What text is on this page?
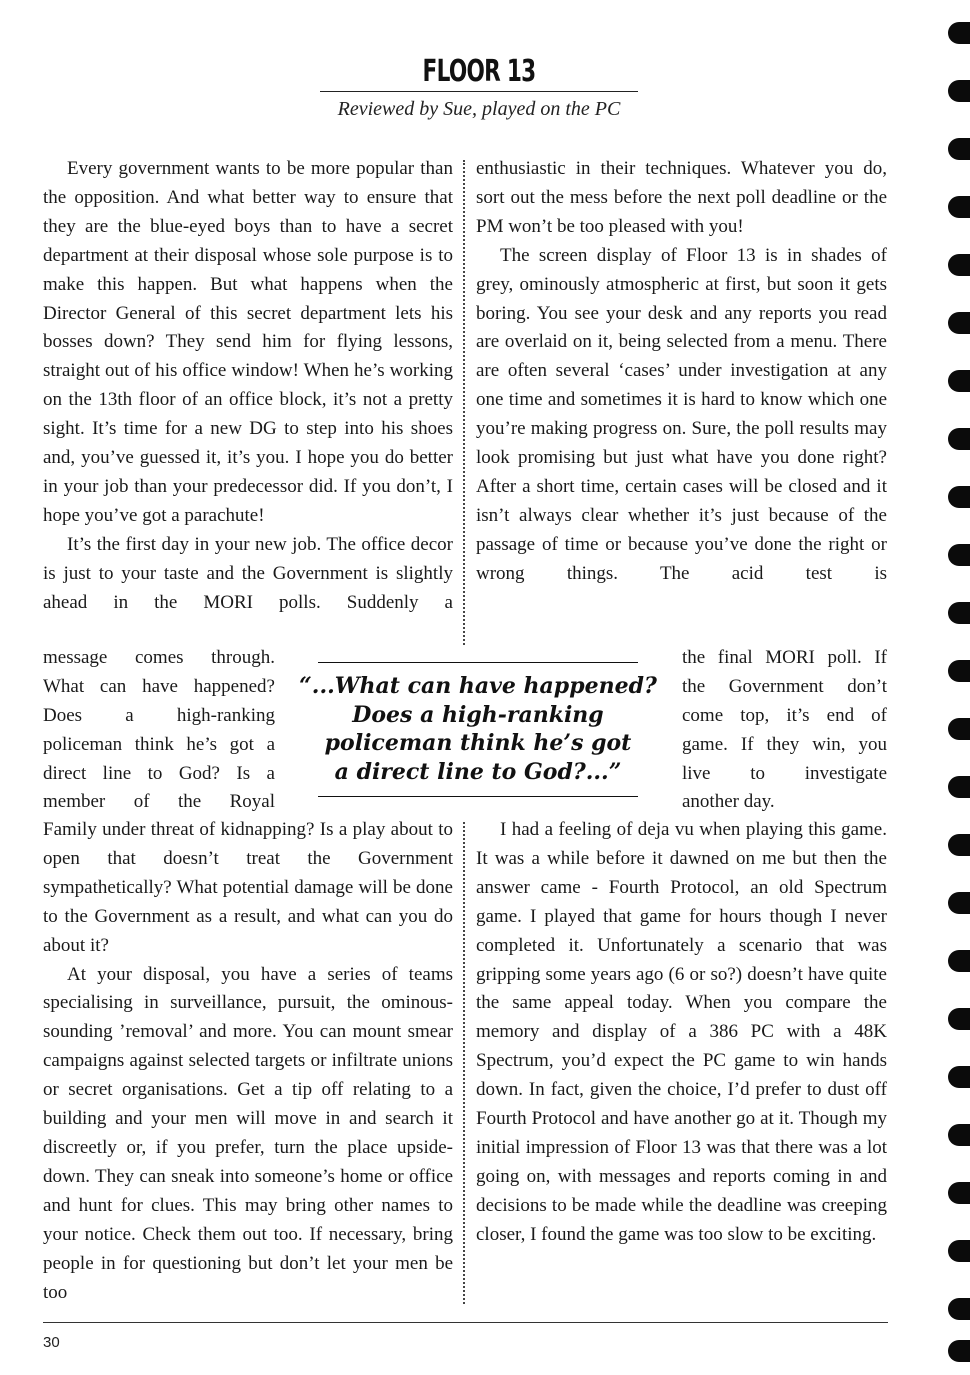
FLOOR 13
Reviewed by Sue, played on the PC

Every government wants to be more popular than the opposition. And what better way to ensure that they are the blue-eyed boys than to have a secret department at their disposal whose sole purpose is to make this happen. But what happens when the Director General of this secret department lets his bosses down? They send him for flying lessons, straight out of his office window! When he’s working on the 13th floor of an office block, it’s not a pretty sight. It’s time for a new DG to step into his shoes and, you’ve guessed it, it’s you. I hope you do better in your job than your predecessor did. If you don’t, I hope you’ve got a parachute!

It’s the first day in your new job. The office decor is just to your taste and the Government is slightly ahead in the MORI polls. Suddenly a

message comes through.
What can have happened?
Does a high-ranking
policeman think he’s got a
direct line to God? Is a
member of the Royal
“...What can have happened?
Does a high-ranking
policeman think he’s got
a direct line to God?...”
the final MORI poll. If
the Government don’t
come top, it’s end of
game. If they win, you
live to investigate
another day.

Family under threat of kidnapping? Is a play about to open that doesn’t treat the Government sympathetically? What potential damage will be done to the Government as a result, and what can you do about it?

At your disposal, you have a series of teams specialising in surveillance, pursuit, the ominous-sounding ’removal’ and more. You can mount smear campaigns against selected targets or infiltrate unions or secret organisations. Get a tip off relating to a building and your men will move in and search it discreetly or, if you prefer, turn the place upside-down. They can sneak into someone’s home or office and hunt for clues. This may bring other names to your notice. Check them out too. If necessary, bring people in for questioning but don’t let your men be too

enthusiastic in their techniques. Whatever you do, sort out the mess before the next poll deadline or the PM won’t be too pleased with you!

The screen display of Floor 13 is in shades of grey, ominously atmospheric at first, but soon it gets boring. You see your desk and any reports you read are overlaid on it, being selected from a menu. There are often several ‘cases’ under investigation at any one time and sometimes it is hard to know which one you’re making progress on. Sure, the poll results may look promising but just what have you done right? After a short time, certain cases will be closed and it isn’t always clear whether it’s just because of the passage of time or because you’ve done the right or wrong things. The acid test is

I had a feeling of deja vu when playing this game. It was a while before it dawned on me but then the answer came - Fourth Protocol, an old Spectrum game. I played that game for hours though I never completed it. Unfortunately a scenario that was gripping some years ago (6 or so?) doesn’t have quite the same appeal today. When you compare the memory and display of a 386 PC with a 48K Spectrum, you’d expect the PC game to win hands down. In fact, given the choice, I’d prefer to dust off Fourth Protocol and have another go at it. Though my initial impression of Floor 13 was that there was a lot going on, with messages and reports coming in and decisions to be made while the deadline was creeping closer, I found the game was too slow to be exciting.

30
